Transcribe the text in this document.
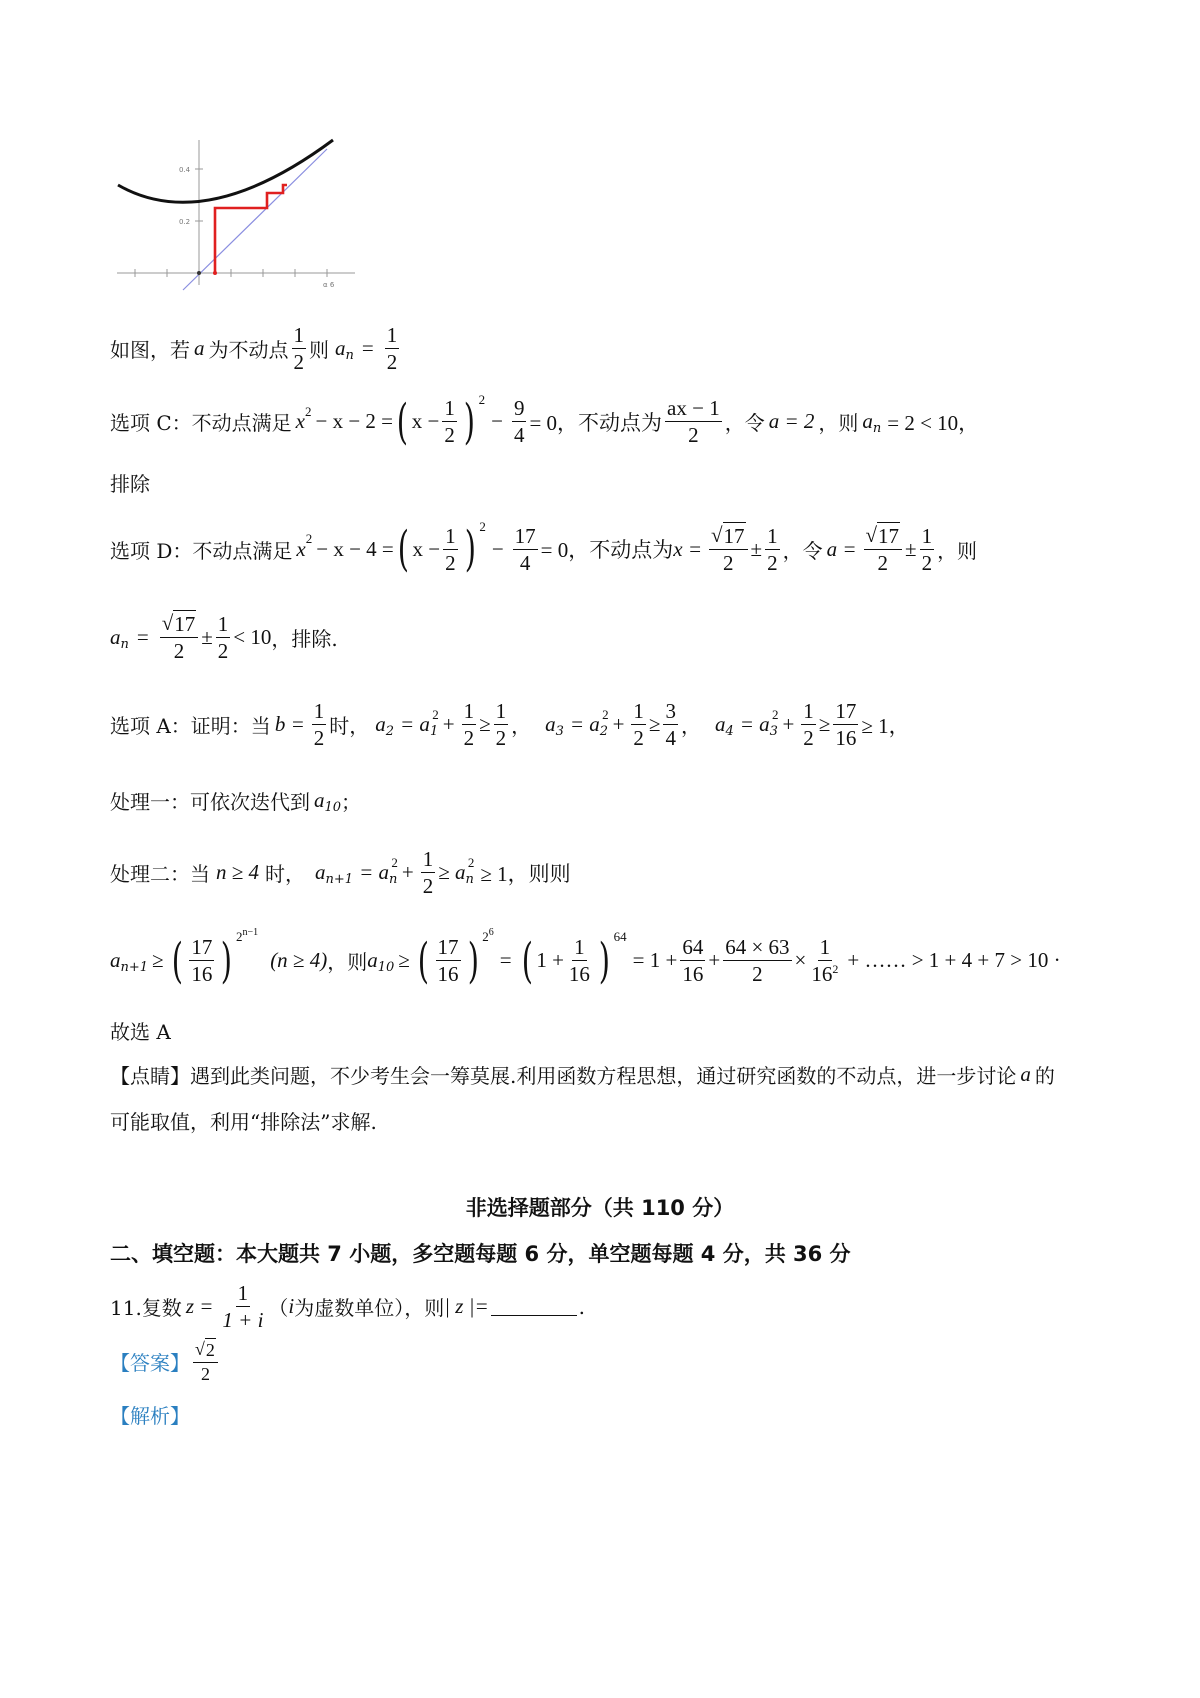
0.4
0.2
α 6
如图，若 a 为不动点 $\frac{1}{2}$ 则 a $n = \frac{1}{2}$
选项 C：不动点满足 x 2 − x − 2 = ( $x - \frac{1}{2}$ ) 2
− $\frac{9}{4} = 0$，不动点为 $\frac{ax - 1}{2}$ ，令 a = 2 ，则 a n = 2 < 10，
排除
选项 D：不动点满足 x 2 − x − 4 = ( $x - \frac{1}{2}$ ) 2
− $\frac{17}{4} = 0$，不动点为 $x = \frac{√ 17}{2} \pm \frac{1}{2}$ ，令 $a = \frac{√ 17}{2} \pm \frac{1}{2}$ ，则
a $n = \frac{√ 17}{2} \pm \frac{1}{2} < 10$ ，排除.
选项 A：证明：当 $b = \frac{1}{2}$ 时， a 2 = a 1
$2 + \frac{1}{2} \ge \frac{1}{2}$ ， a 3 = a 2
$2 + \frac{1}{2} \ge \frac{3}{4}$ ， a 4 = a 3
$2 + \frac{1}{2} \ge \frac{17}{16} \ge 1$，
处理一：可依次迭代到 a 10 ；
处理二：当 n ≥ 4 时， a n+1 = a n
$2 + \frac{1}{2} \ge a$ n
2 ≥ 1，则则
a n+1 ≥ ( $\frac{17}{16}$ ) $2^{n-1}$
(n ≥ 4) ，则 a 10 ≥ ( $\frac{17}{16}$ ) $2^6$
= ( $1 + \frac{1}{16}$ ) 64
= $1 + \frac{64}{16} + \frac{64 \times 63}{2} \times \frac{1}{16^2}$ + …… > 1 + 4 + 7 > 10 ·
故选 A
【点睛】遇到此类问题，不少考生会一筹莫展.利用函数方程思想，通过研究函数的不动点，进一步讨论 a 的
可能取值，利用“排除法”求解.
非选择题部分（共 110 分）
二、填空题：本大题共 7 小题，多空题每题 6 分，单空题每题 4 分，共 36 分
11.复数 $z = \frac{1}{1 + i}$ （ i 为虚数单位），则 | z |=	.
【答案】 $\frac{√ 2}{2}$
【解析】
